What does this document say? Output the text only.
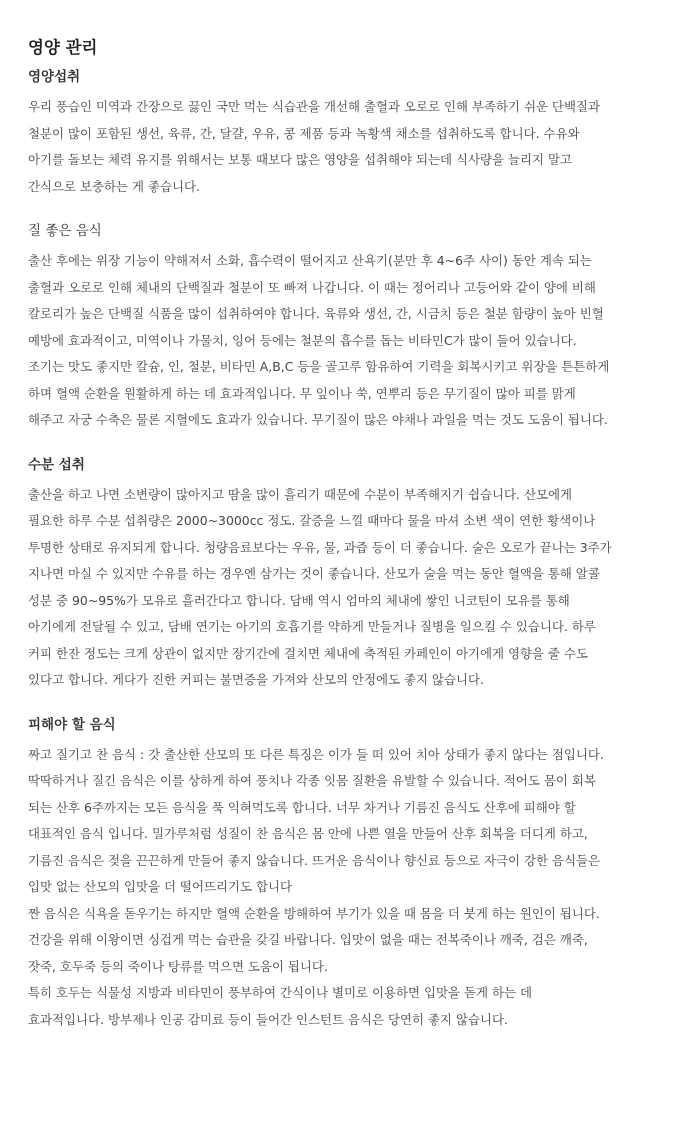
영양 관리
영양섭취
우리 풍습인 미역과 간장으로 끓인 국만 먹는 식습관을 개선해 출혈과 오로로 인해 부족하기 쉬운 단백질과
철분이 많이 포함된 생선, 육류, 간, 달걀, 우유, 콩 제품 등과 녹황색 채소를 섭취하도록 합니다. 수유와
아기를 돌보는 체력 유지를 위해서는 보통 때보다 많은 영양을 섭취해야 되는데 식사량을 늘리지 말고
간식으로 보충하는 게 좋습니다.
질 좋은 음식
출산 후에는 위장 기능이 약해져서 소화, 흡수력이 떨어지고 산욕기(분만 후 4~6주 사이) 동안 계속 되는
출혈과 오로로 인해 체내의 단백질과 철분이 또 빠져 나갑니다. 이 때는 정어리나 고등어와 같이 양에 비해
칼로리가 높은 단백질 식품을 많이 섭취하여야 합니다. 육류와 생선, 간, 시금치 등은 철분 함량이 높아 빈혈
예방에 효과적이고, 미역이나 가물치, 잉어 등에는 철분의 흡수를 돕는 비타민C가 많이 들어 있습니다.
조기는 맛도 좋지만 칼슘, 인, 철분, 비타민 A,B,C 등을 골고루 함유하여 기력을 회복시키고 위장을 튼튼하게
하며 혈액 순환을 원활하게 하는 데 효과적입니다. 무 잎이나 쑥, 연뿌리 등은 무기질이 많아 피를 맑게
해주고 자궁 수축은 물론 지혈에도 효과가 있습니다. 무기질이 많은 야채나 과일을 먹는 것도 도움이 됩니다.
수분 섭취
출산을 하고 나면 소변량이 많아지고 땀을 많이 흘리기 때문에 수분이 부족해지기 쉽습니다. 산모에게
필요한 하루 수분 섭취량은 2000~3000cc 정도. 갈증을 느낄 때마다 물을 마셔 소변 색이 연한 황색이나
투명한 상태로 유지되게 합니다. 청량음료보다는 우유, 물, 과즙 등이 더 좋습니다. 술은 오로가 끝나는 3주가
지나면 마실 수 있지만 수유를 하는 경우엔 삼가는 것이 좋습니다. 산모가 술을 먹는 동안 혈액을 통해 알콜
성분 중 90~95%가 모유로 흘러간다고 합니다. 담배 역시 엄마의 체내에 쌓인 니코틴이 모유를 통해
아기에게 전달될 수 있고, 담배 연기는 아기의 호흡기를 약하게 만들거나 질병을 일으킬 수 있습니다. 하루
커피 한잔 정도는 크게 상관이 없지만 장기간에 걸치면 체내에 축적된 카페인이 아기에게 영향을 줄 수도
있다고 합니다. 게다가 진한 커피는 불면증을 가져와 산모의 안정에도 좋지 않습니다.
피해야 할 음식
짜고 질기고 찬 음식 : 갓 출산한 산모의 또 다른 특징은 이가 들 떠 있어 치아 상태가 좋지 않다는 점입니다.
딱딱하거나 질긴 음식은 이를 상하게 하여 풍치나 각종 잇몸 질환을 유발할 수 있습니다. 적어도 몸이 회복
되는 산후 6주까지는 모든 음식을 푹 익혀먹도록 합니다. 너무 차거나 기름진 음식도 산후에 피해야 할
대표적인 음식 입니다. 밀가루처럼 성질이 찬 음식은 몸 안에 나쁜 열을 만들어 산후 회복을 더디게 하고,
기름진 음식은 젖을 끈끈하게 만들어 좋지 않습니다. 뜨거운 음식이나 향신료 등으로 자극이 강한 음식들은
입맛 없는 산모의 입맛을 더 떨어뜨리기도 합니다
짠 음식은 식욕을 돋우기는 하지만 혈액 순환을 방해하여 부기가 있을 때 몸을 더 붓게 하는 원인이 됩니다.
건강을 위해 이왕이면 싱겁게 먹는 습관을 갖길 바랍니다. 입맛이 없을 때는 전복죽이나 깨죽, 검은 깨죽,
잣죽, 호두죽 등의 죽이나 탕류를 먹으면 도움이 됩니다.
특히 호두는 식물성 지방과 비타민이 풍부하여 간식이나 별미로 이용하면 입맛을 돋게 하는 데
효과적입니다. 방부제나 인공 감미료 등이 들어간 인스턴트 음식은 당연히 좋지 않습니다.
